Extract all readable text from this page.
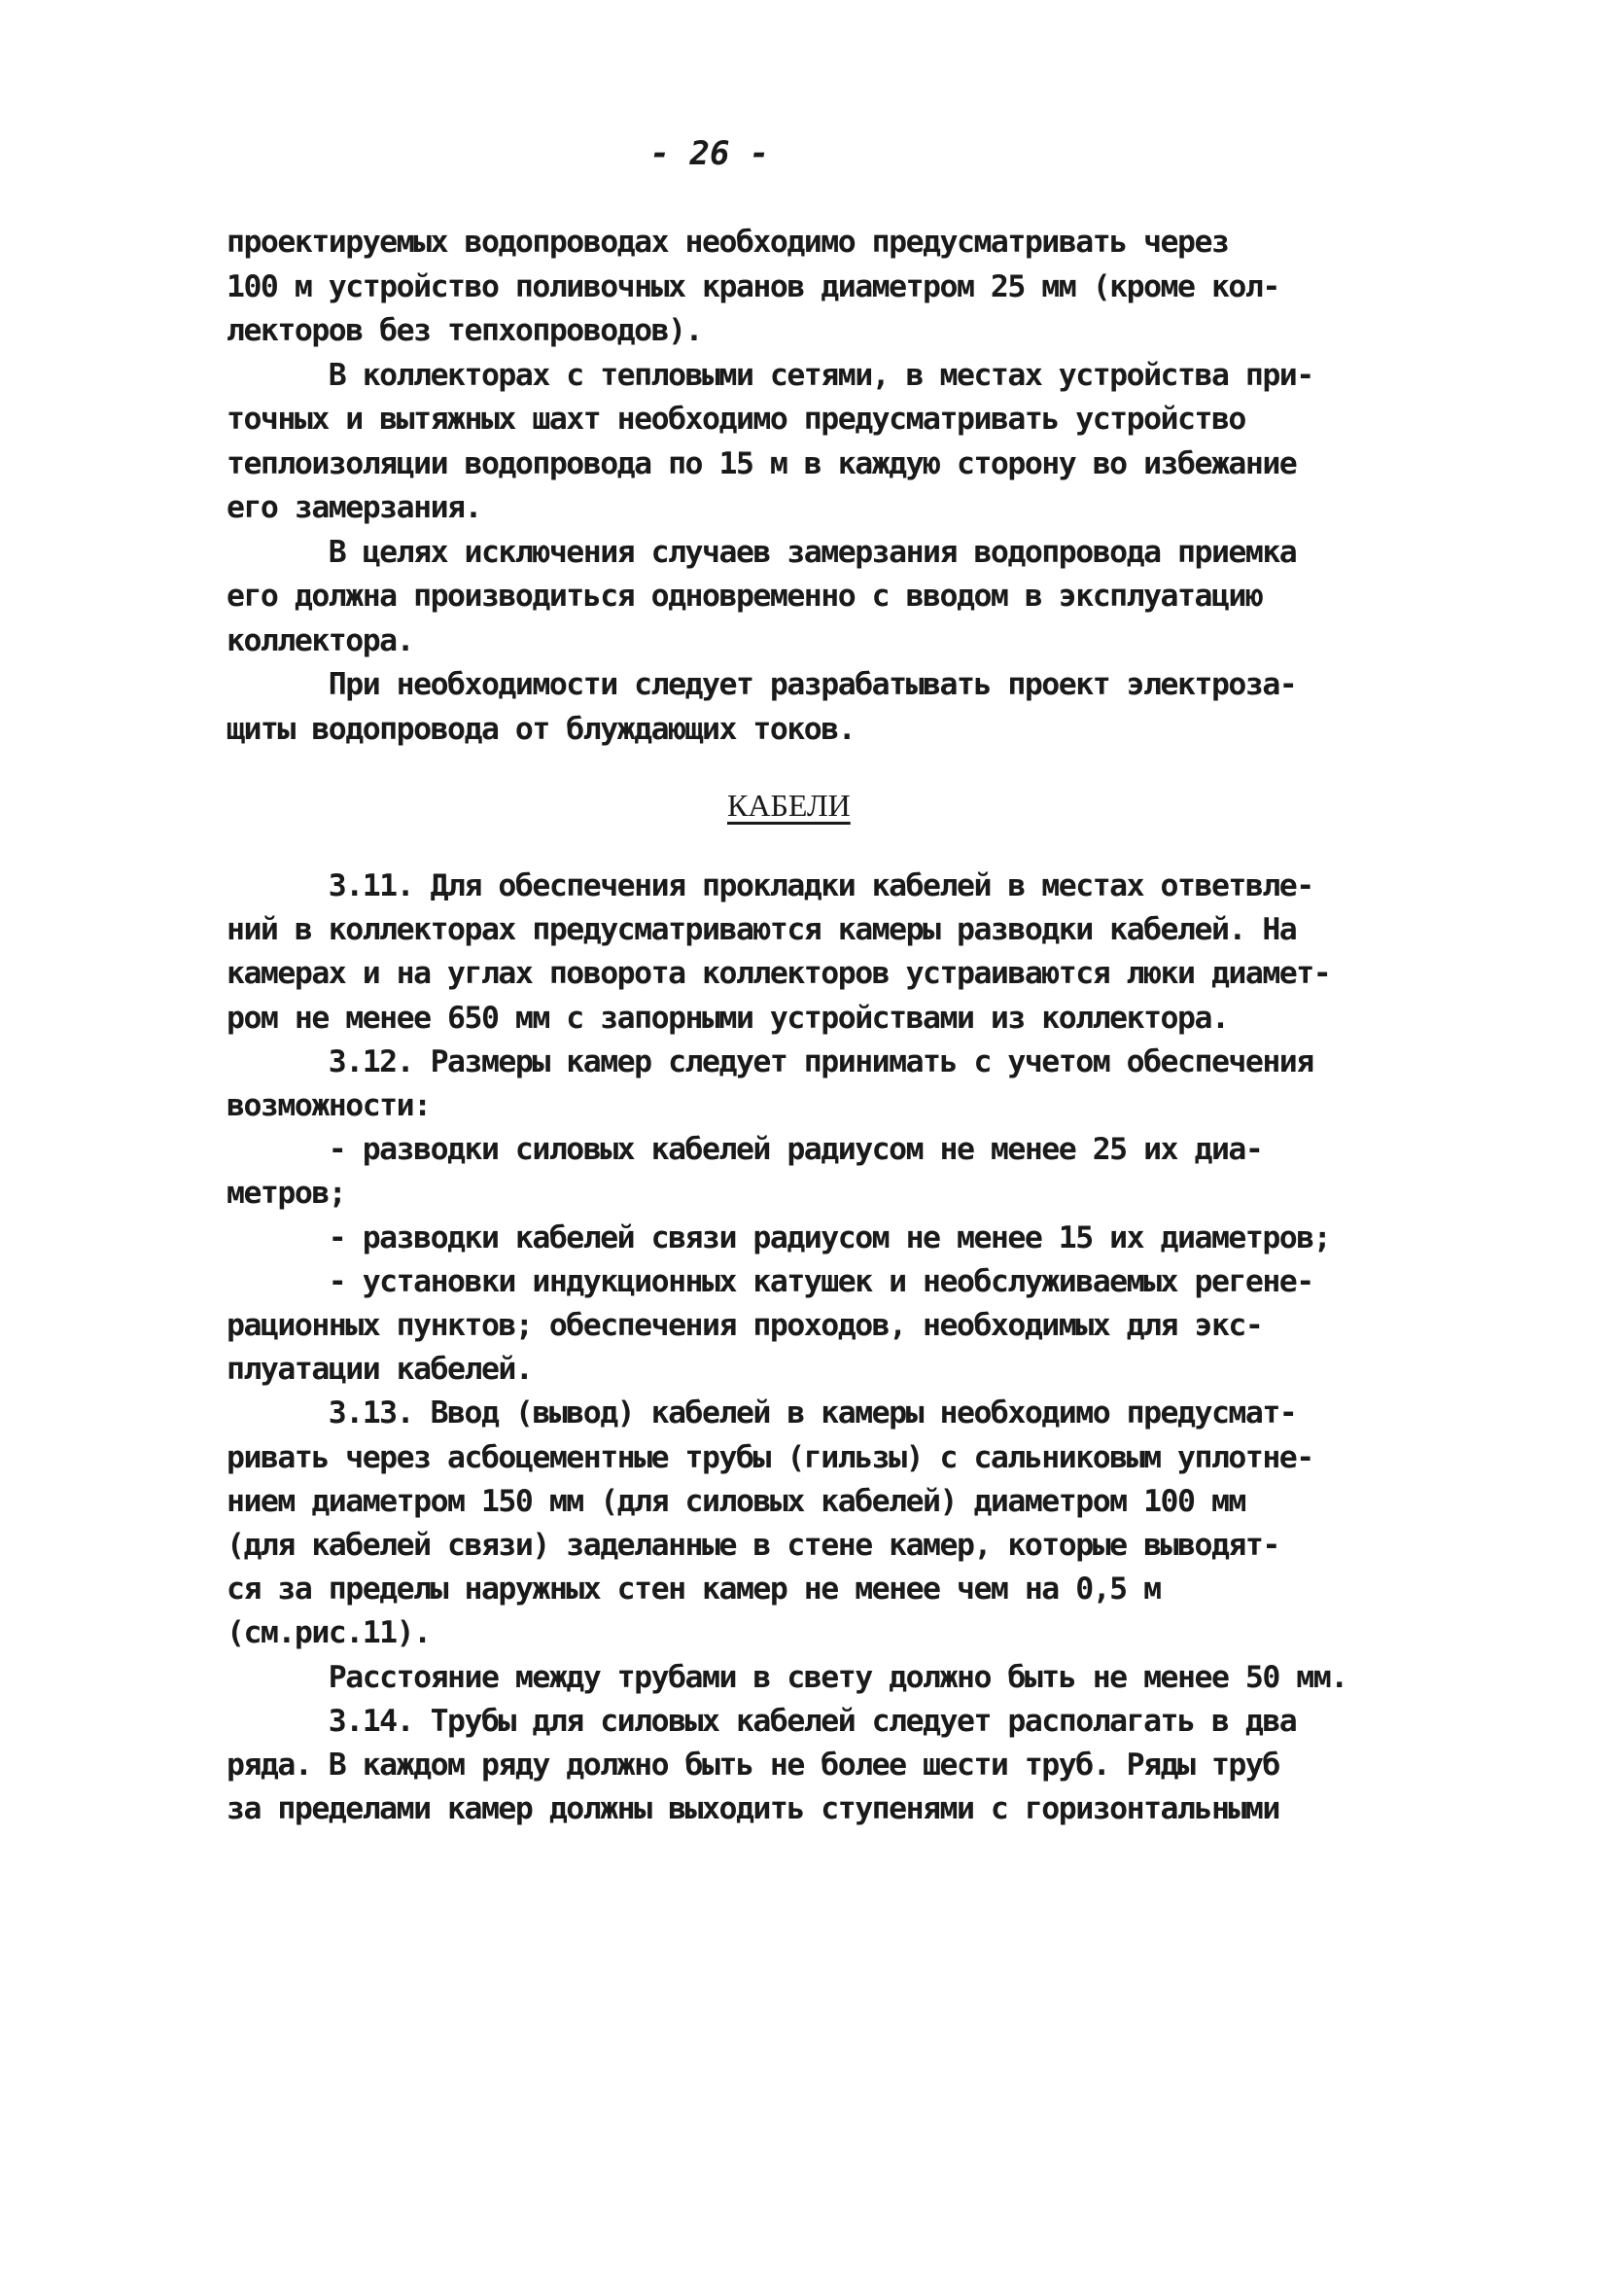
- 26 -
проектируемых водопроводах необходимо предусматривать через
100 м устройство поливочных кранов диаметром 25 мм (кроме кол-
лекторов без тепхопроводов).
В коллекторах с тепловыми сетями, в местах устройства при-
точных и вытяжных шахт необходимо предусматривать устройство
теплоизоляции водопровода по 15 м в каждую сторону во избежание
его замерзания.
В целях исключения случаев замерзания водопровода приемка
его должна производиться одновременно с вводом в эксплуатацию
коллектора.
При необходимости следует разрабатывать проект электроза-
щиты водопровода от блуждающих токов.
КАБЕЛИ
3.11. Для обеспечения прокладки кабелей в местах ответвле-
ний в коллекторах предусматриваются камеры разводки кабелей. На
камерах и на углах поворота коллекторов устраиваются люки диамет-
ром не менее 650 мм с запорными устройствами из коллектора.
3.12. Размеры камер следует принимать с учетом обеспечения
возможности:
- разводки силовых кабелей радиусом не менее 25 их диа-
метров;
- разводки кабелей связи радиусом не менее 15 их диаметров;
- установки индукционных катушек и необслуживаемых регене-
рационных пунктов; обеспечения проходов, необходимых для экс-
плуатации кабелей.
3.13. Ввод (вывод) кабелей в камеры необходимо предусмат-
ривать через асбоцементные трубы (гильзы) с сальниковым уплотне-
нием диаметром 150 мм (для силовых кабелей) диаметром 100 мм
(для кабелей связи) заделанные в стене камер, которые выводят-
ся за пределы наружных стен камер не менее чем на 0,5 м
(см.рис.11).
Расстояние между трубами в свету должно быть не менее 50 мм.
3.14. Трубы для силовых кабелей следует располагать в два
ряда. В каждом ряду должно быть не более шести труб. Ряды труб
за пределами камер должны выходить ступенями с горизонтальными
